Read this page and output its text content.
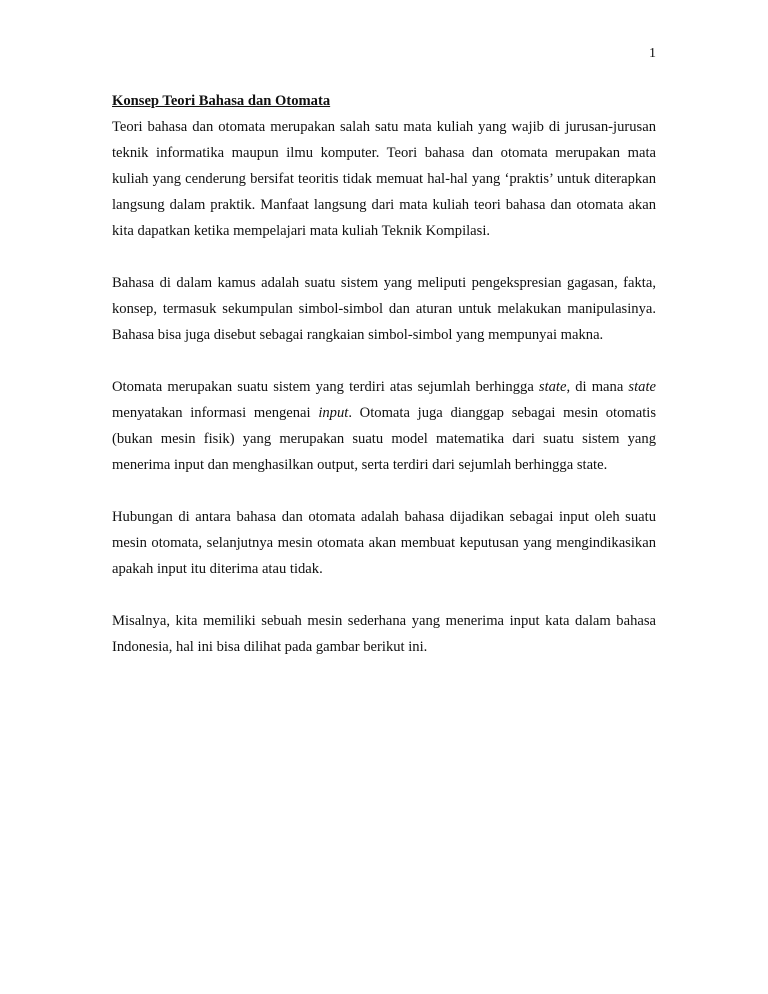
1

Konsep Teori Bahasa dan Otomata

Teori bahasa dan otomata merupakan salah satu mata kuliah yang wajib di jurusan-jurusan teknik informatika maupun ilmu komputer. Teori bahasa dan otomata merupakan mata kuliah yang cenderung bersifat teoritis tidak memuat hal-hal yang ‘praktis’ untuk diterapkan langsung dalam praktik. Manfaat langsung dari mata kuliah teori bahasa dan otomata akan kita dapatkan ketika mempelajari mata kuliah Teknik Kompilasi.

Bahasa di dalam kamus adalah suatu sistem yang meliputi pengekspresian gagasan, fakta, konsep, termasuk sekumpulan simbol-simbol dan aturan untuk melakukan manipulasinya. Bahasa bisa juga disebut sebagai rangkaian simbol-simbol yang mempunyai makna.

Otomata merupakan suatu sistem yang terdiri atas sejumlah berhingga state, di mana state menyatakan informasi mengenai input. Otomata juga dianggap sebagai mesin otomatis (bukan mesin fisik) yang merupakan suatu model matematika dari suatu sistem yang menerima input dan menghasilkan output, serta terdiri dari sejumlah berhingga state.

Hubungan di antara bahasa dan otomata adalah bahasa dijadikan sebagai input oleh suatu mesin otomata, selanjutnya mesin otomata akan membuat keputusan yang mengindikasikan apakah input itu diterima atau tidak.

Misalnya, kita memiliki sebuah mesin sederhana yang menerima input kata dalam bahasa Indonesia, hal ini bisa dilihat pada gambar berikut ini.
